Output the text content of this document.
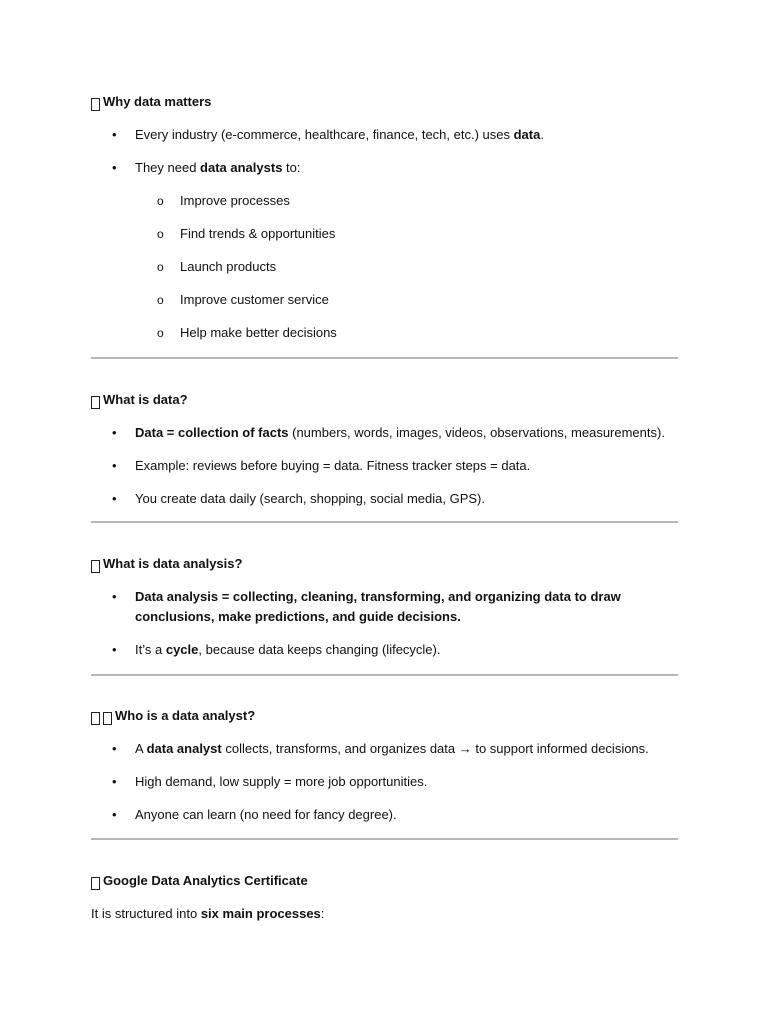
Why data matters
•	Every industry (e-commerce, healthcare, finance, tech, etc.) uses data.
•	They need data analysts to:
o Improve processes
o Find trends & opportunities
o Launch products
o Improve customer service
o Help make better decisions
What is data?
•	Data = collection of facts (numbers, words, images, videos, observations, measurements).
•	Example: reviews before buying = data. Fitness tracker steps = data.
•	You create data daily (search, shopping, social media, GPS).
What is data analysis?
•	Data analysis = collecting, cleaning, transforming, and organizing data to draw conclusions, make predictions, and guide decisions.
•	It’s a cycle, because data keeps changing (lifecycle).
Who is a data analyst?
•	A data analyst collects, transforms, and organizes data → to support informed decisions.
•	High demand, low supply = more job opportunities.
•	Anyone can learn (no need for fancy degree).
Google Data Analytics Certificate
It is structured into six main processes:
